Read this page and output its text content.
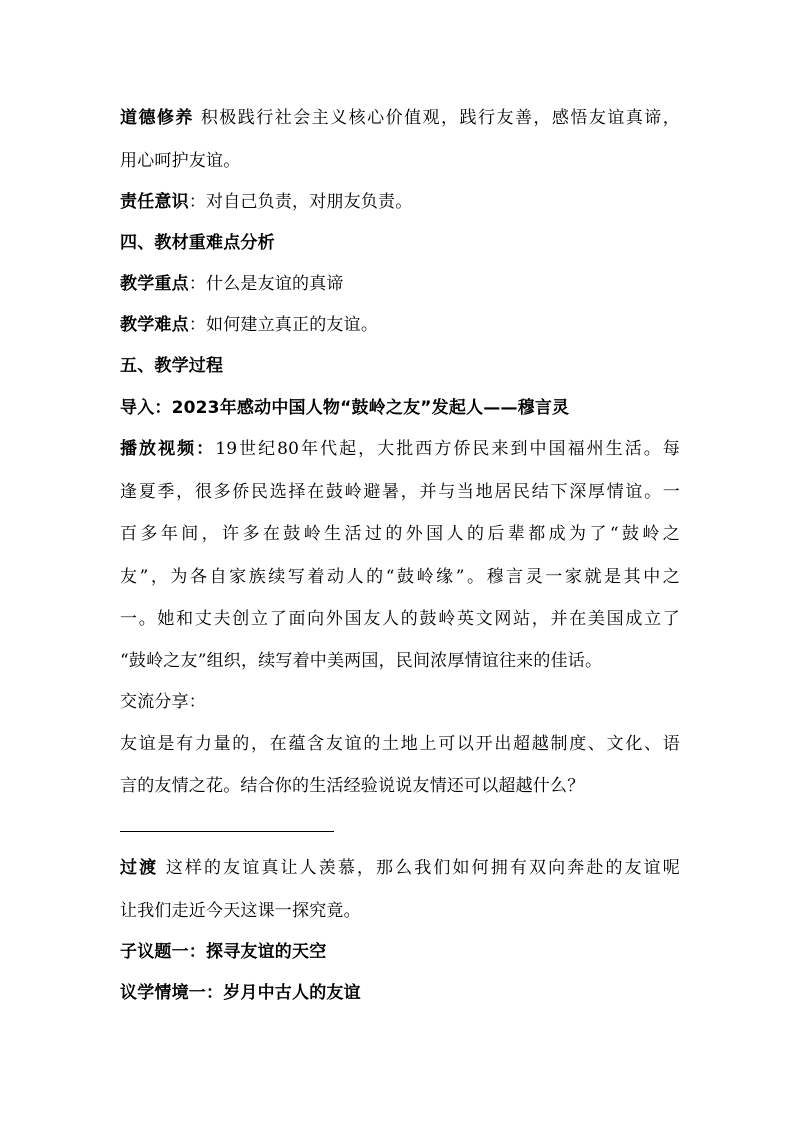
道德修养 积极践行社会主义核心价值观，践行友善，感悟友谊真谛，
用心呵护友谊。
责任意识：对自己负责，对朋友负责。
四、教材重难点分析
教学重点：什么是友谊的真谛
教学难点：如何建立真正的友谊。
五、教学过程
导入：2023年感动中国人物“鼓岭之友”发起人——穆言灵
播放视频：19世纪80年代起，大批西方侨民来到中国福州生活。每
逢夏季，很多侨民选择在鼓岭避暑，并与当地居民结下深厚情谊。一
百多年间，许多在鼓岭生活过的外国人的后辈都成为了“鼓岭之
友”，为各自家族续写着动人的“鼓岭缘”。穆言灵一家就是其中之
一。她和丈夫创立了面向外国友人的鼓岭英文网站，并在美国成立了
“鼓岭之友”组织，续写着中美两国，民间浓厚情谊往来的佳话。
交流分享：
友谊是有力量的，在蕴含友谊的土地上可以开出超越制度、文化、语
言的友情之花。结合你的生活经验说说友情还可以超越什么？
过渡 这样的友谊真让人羡慕，那么我们如何拥有双向奔赴的友谊呢
让我们走近今天这课一探究竟。
子议题一：探寻友谊的天空
议学情境一：岁月中古人的友谊
